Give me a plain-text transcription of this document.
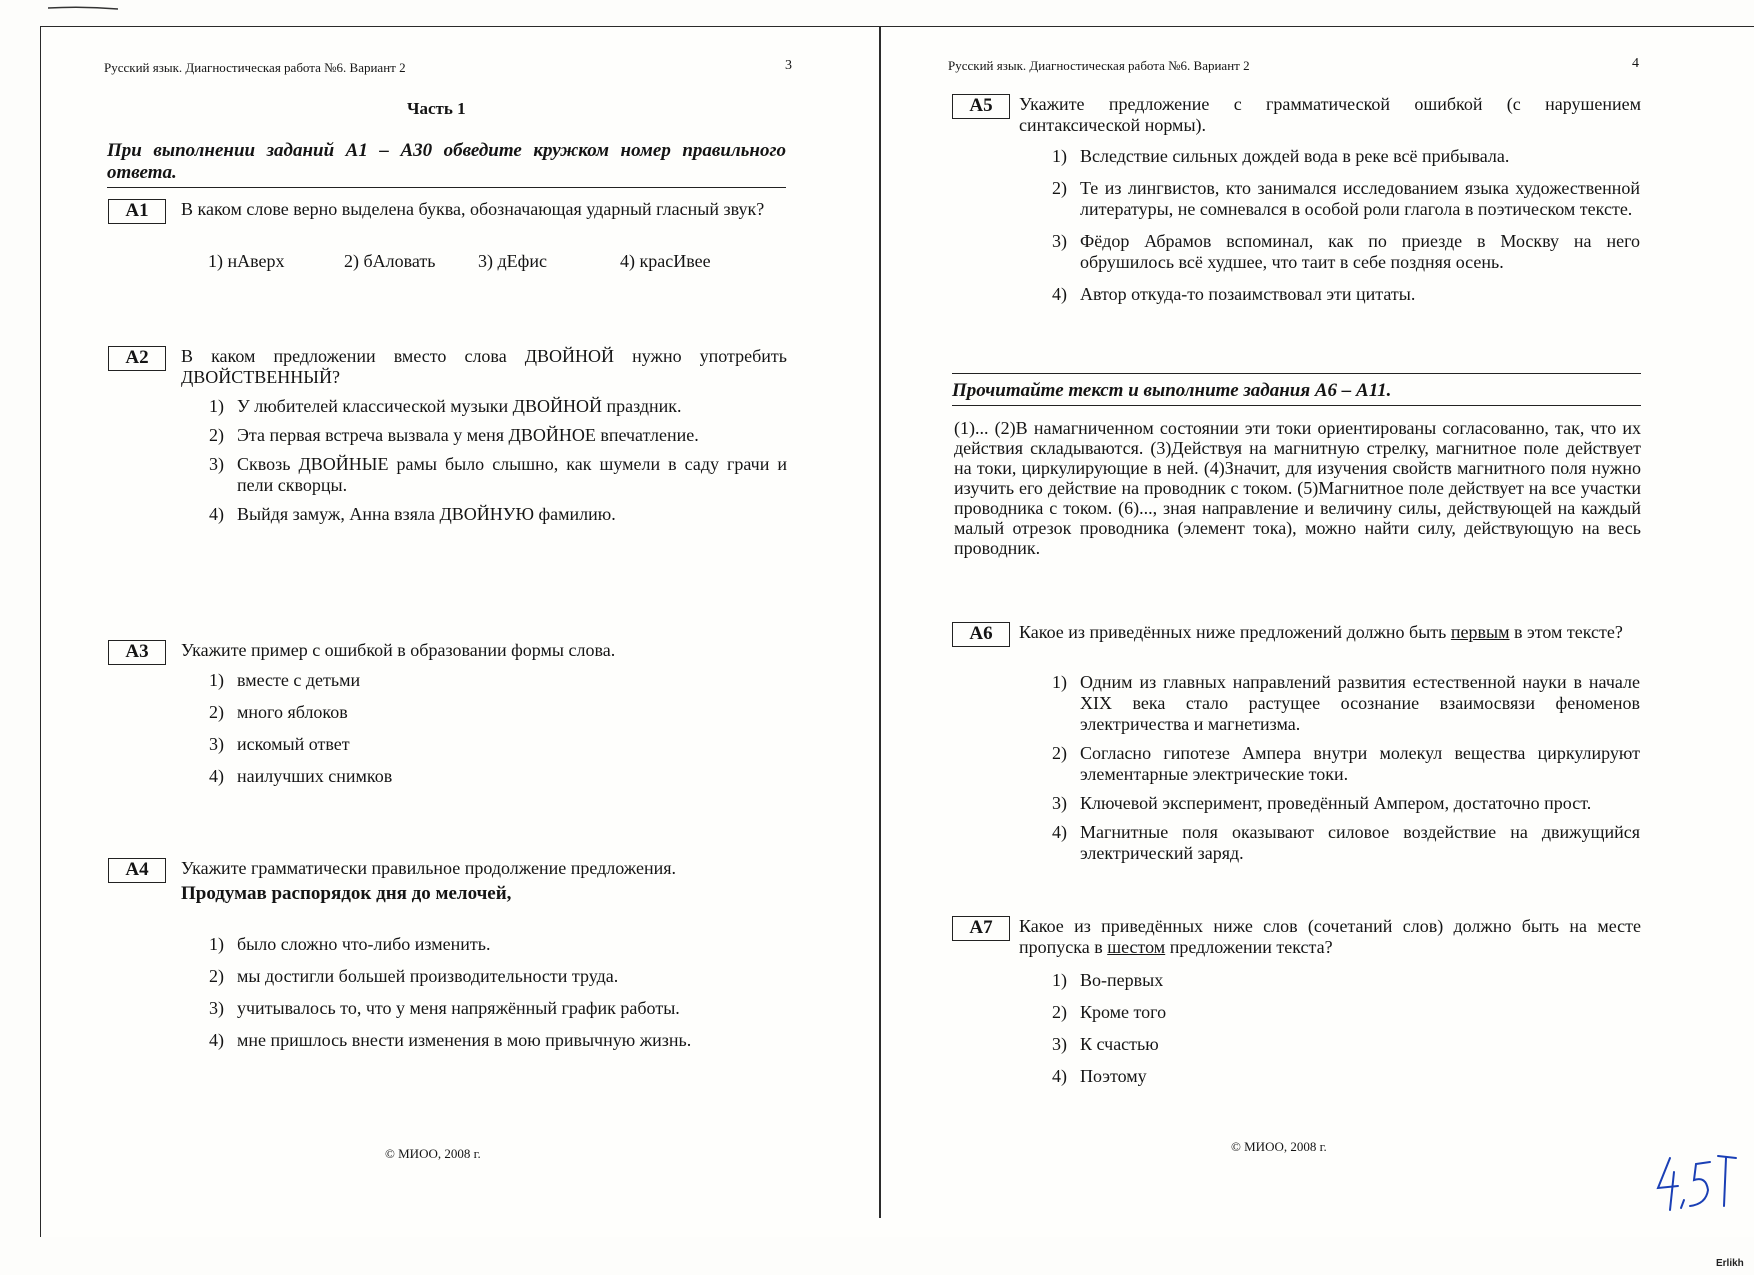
Русский язык. Диагностическая работа №6. Вариант 2	3
Часть 1
При выполнении заданий А1 – А30 обведите кружком номер правильного ответа.
А1	В каком слове верно выделена буква, обозначающая ударный гласный звук?
1) нАверх	2) бАловать 3) дЕфис	4) красИвее
А2	В каком предложении вместо слова ДВОЙНОЙ нужно употребить ДВОЙСТВЕННЫЙ?
1) У любителей классической музыки ДВОЙНОЙ праздник.
2) Эта первая встреча вызвала у меня ДВОЙНОЕ впечатление.
3) Сквозь ДВОЙНЫЕ рамы было слышно, как шумели в саду грачи и пели скворцы.
4) Выйдя замуж, Анна взяла ДВОЙНУЮ фамилию.
А3	Укажите пример с ошибкой в образовании формы слова.
1) вместе с детьми
2) много яблоков
3) искомый ответ
4) наилучших снимков
А4	Укажите грамматически правильное продолжение предложения.
Продумав распорядок дня до мелочей,
1) было сложно что-либо изменить.
2) мы достигли большей производительности труда.
3) учитывалось то, что у меня напряжённый график работы.
4) мне пришлось внести изменения в мою привычную жизнь.
© МИОО, 2008 г.
Русский язык. Диагностическая работа №6. Вариант 2	4
А5	Укажите предложение с грамматической ошибкой (с нарушением синтаксической нормы).
1) Вследствие сильных дождей вода в реке всё прибывала.
2) Те из лингвистов, кто занимался исследованием языка художественной литературы, не сомневался в особой роли глагола в поэтическом тексте.
3) Фёдор Абрамов вспоминал, как по приезде в Москву на него обрушилось всё худшее, что таит в себе поздняя осень.
4) Автор откуда-то позаимствовал эти цитаты.
Прочитайте текст и выполните задания А6 – А11.
(1)... (2)В намагниченном состоянии эти токи ориентированы согласованно, так, что их действия складываются. (3)Действуя на магнитную стрелку, магнитное поле действует на токи, циркулирующие в ней. (4)Значит, для изучения свойств магнитного поля нужно изучить его действие на проводник с током. (5)Магнитное поле действует на все участки проводника с током. (6)..., зная направление и величину силы, действующей на каждый малый отрезок проводника (элемент тока), можно найти силу, действующую на весь проводник.
А6	Какое из приведённых ниже предложений должно быть первым в этом тексте?
1) Одним из главных направлений развития естественной науки в начале XIX века стало растущее осознание взаимосвязи феноменов электричества и магнетизма.
2) Согласно гипотезе Ампера внутри молекул вещества циркулируют элементарные электрические токи.
3) Ключевой эксперимент, проведённый Ампером, достаточно прост.
4) Магнитные поля оказывают силовое воздействие на движущийся электрический заряд.
А7	Какое из приведённых ниже слов (сочетаний слов) должно быть на месте пропуска в шестом предложении текста?
1) Во-первых
2) Кроме того
3) К счастью
4) Поэтому
© МИОО, 2008 г.
Erlikh
